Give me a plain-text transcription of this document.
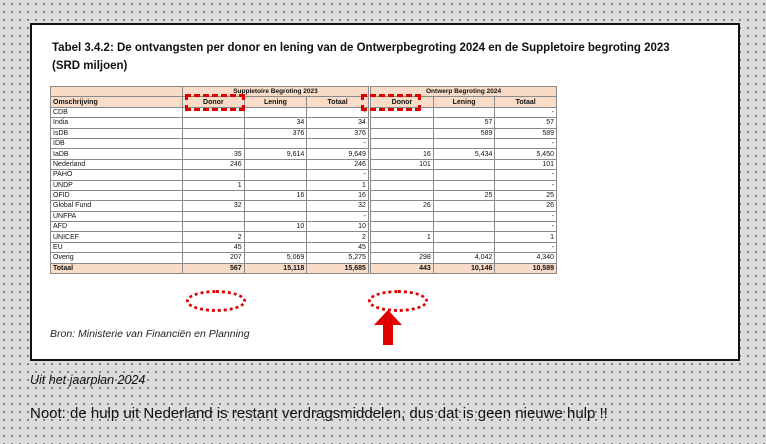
Tabel 3.4.2: De ontvangsten per donor en lening van de Ontwerpbegroting 2024 en de Suppletoire begroting 2023
(SRD miljoen)
	Suppletoire Begroting 2023				Ontwerp Begroting 2024		
Omschrijving	Donor	Lening	Totaal		Donor	Lening	Totaal
CDB			-				-
India		34	34			57	57
IsDB		376	376			589	589
IDB			-				-
IaDB	35	9,614	9,649		16	5,434	5,450
Nederland	246		246		101		101
PAHO			-				-
UNDP	1		1				-
OFID		16	16			25	25
Global Fund	32		32		26		26
UNFPA			-				-
AFD		10	10				-
UNICEF	2		2		1		1
EU	45		45				-
Overig	207	5,069	5,275		298	4,042	4,340
Totaal	567	15,118	15,685		443	10,146	10,589
Bron: Ministerie van Financiën en Planning
Uit het jaarplan 2024
Noot: de hulp uit Nederland is restant verdragsmiddelen, dus dat is geen nieuwe hulp !!
